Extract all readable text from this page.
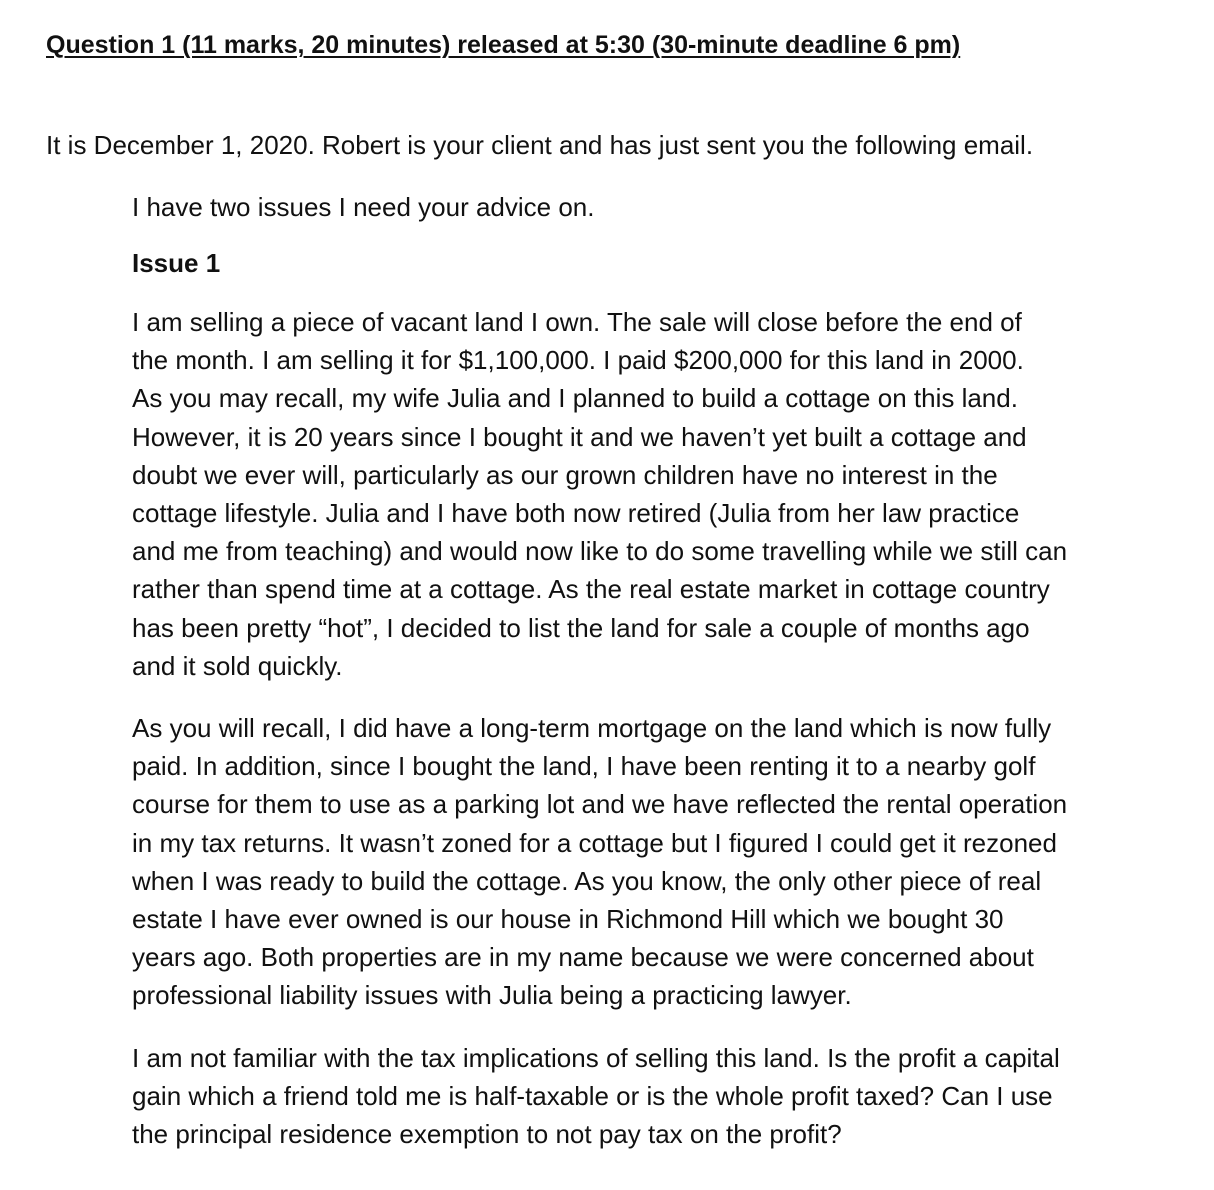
Question 1 (11 marks, 20 minutes) released at 5:30 (30-minute deadline 6 pm)

It is December 1, 2020. Robert is your client and has just sent you the following email.

I have two issues I need your advice on.

Issue 1

I am selling a piece of vacant land I own. The sale will close before the end of
the month. I am selling it for $1,100,000. I paid $200,000 for this land in 2000.
As you may recall, my wife Julia and I planned to build a cottage on this land.
However, it is 20 years since I bought it and we haven’t yet built a cottage and
doubt we ever will, particularly as our grown children have no interest in the
cottage lifestyle. Julia and I have both now retired (Julia from her law practice
and me from teaching) and would now like to do some travelling while we still can
rather than spend time at a cottage. As the real estate market in cottage country
has been pretty “hot”, I decided to list the land for sale a couple of months ago
and it sold quickly.

As you will recall, I did have a long-term mortgage on the land which is now fully
paid. In addition, since I bought the land, I have been renting it to a nearby golf
course for them to use as a parking lot and we have reflected the rental operation
in my tax returns. It wasn’t zoned for a cottage but I figured I could get it rezoned
when I was ready to build the cottage. As you know, the only other piece of real
estate I have ever owned is our house in Richmond Hill which we bought 30
years ago. Both properties are in my name because we were concerned about
professional liability issues with Julia being a practicing lawyer.

I am not familiar with the tax implications of selling this land. Is the profit a capital
gain which a friend told me is half-taxable or is the whole profit taxed? Can I use
the principal residence exemption to not pay tax on the profit?
